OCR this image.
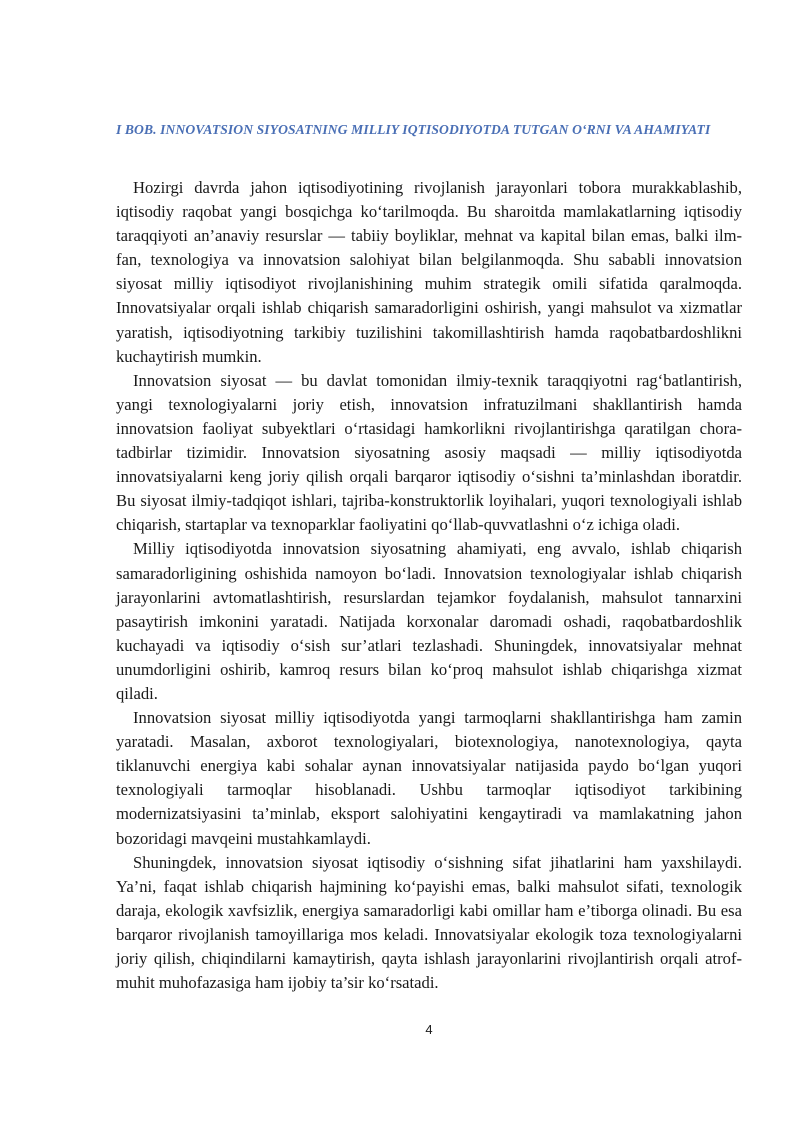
I BOB. INNOVATSION SIYOSATNING MILLIY IQTISODIYOTDA TUTGAN O‘RNI VA AHAMIYATI

Hozirgi davrda jahon iqtisodiyotining rivojlanish jarayonlari tobora murakkablashib, iqtisodiy raqobat yangi bosqichga ko‘tarilmoqda. Bu sharoitda mamlakatlarning iqtisodiy taraqqiyoti an’anaviy resurslar — tabiiy boyliklar, mehnat va kapital bilan emas, balki ilm-fan, texnologiya va innovatsion salohiyat bilan belgilanmoqda. Shu sababli innovatsion siyosat milliy iqtisodiyot rivojlanishining muhim strategik omili sifatida qaralmoqda. Innovatsiyalar orqali ishlab chiqarish samaradorligini oshirish, yangi mahsulot va xizmatlar yaratish, iqtisodiyotning tarkibiy tuzilishini takomillashtirish hamda raqobatbardoshlikni kuchaytirish mumkin.

Innovatsion siyosat — bu davlat tomonidan ilmiy-texnik taraqqiyotni rag‘batlantirish, yangi texnologiyalarni joriy etish, innovatsion infratuzilmani shakllantirish hamda innovatsion faoliyat subyektlari o‘rtasidagi hamkorlikni rivojlantirishga qaratilgan chora-tadbirlar tizimidir. Innovatsion siyosatning asosiy maqsadi — milliy iqtisodiyotda innovatsiyalarni keng joriy qilish orqali barqaror iqtisodiy o‘sishni ta’minlashdan iboratdir. Bu siyosat ilmiy-tadqiqot ishlari, tajriba-konstruktorlik loyihalari, yuqori texnologiyali ishlab chiqarish, startaplar va texnoparklar faoliyatini qo‘llab-quvvatlashni o‘z ichiga oladi.

Milliy iqtisodiyotda innovatsion siyosatning ahamiyati, eng avvalo, ishlab chiqarish samaradorligining oshishida namoyon bo‘ladi. Innovatsion texnologiyalar ishlab chiqarish jarayonlarini avtomatlashtirish, resurslardan tejamkor foydalanish, mahsulot tannarxini pasaytirish imkonini yaratadi. Natijada korxonalar daromadi oshadi, raqobatbardoshlik kuchayadi va iqtisodiy o‘sish sur’atlari tezlashadi. Shuningdek, innovatsiyalar mehnat unumdorligini oshirib, kamroq resurs bilan ko‘proq mahsulot ishlab chiqarishga xizmat qiladi.

Innovatsion siyosat milliy iqtisodiyotda yangi tarmoqlarni shakllantirishga ham zamin yaratadi. Masalan, axborot texnologiyalari, biotexnologiya, nanotexnologiya, qayta tiklanuvchi energiya kabi sohalar aynan innovatsiyalar natijasida paydo bo‘lgan yuqori texnologiyali tarmoqlar hisoblanadi. Ushbu tarmoqlar iqtisodiyot tarkibining modernizatsiyasini ta’minlab, eksport salohiyatini kengaytiradi va mamlakatning jahon bozoridagi mavqeini mustahkamlaydi.

Shuningdek, innovatsion siyosat iqtisodiy o‘sishning sifat jihatlarini ham yaxshilaydi. Ya’ni, faqat ishlab chiqarish hajmining ko‘payishi emas, balki mahsulot sifati, texnologik daraja, ekologik xavfsizlik, energiya samaradorligi kabi omillar ham e’tiborga olinadi. Bu esa barqaror rivojlanish tamoyillariga mos keladi. Innovatsiyalar ekologik toza texnologiyalarni joriy qilish, chiqindilarni kamaytirish, qayta ishlash jarayonlarini rivojlantirish orqali atrof-muhit muhofazasiga ham ijobiy ta’sir ko‘rsatadi.

4
